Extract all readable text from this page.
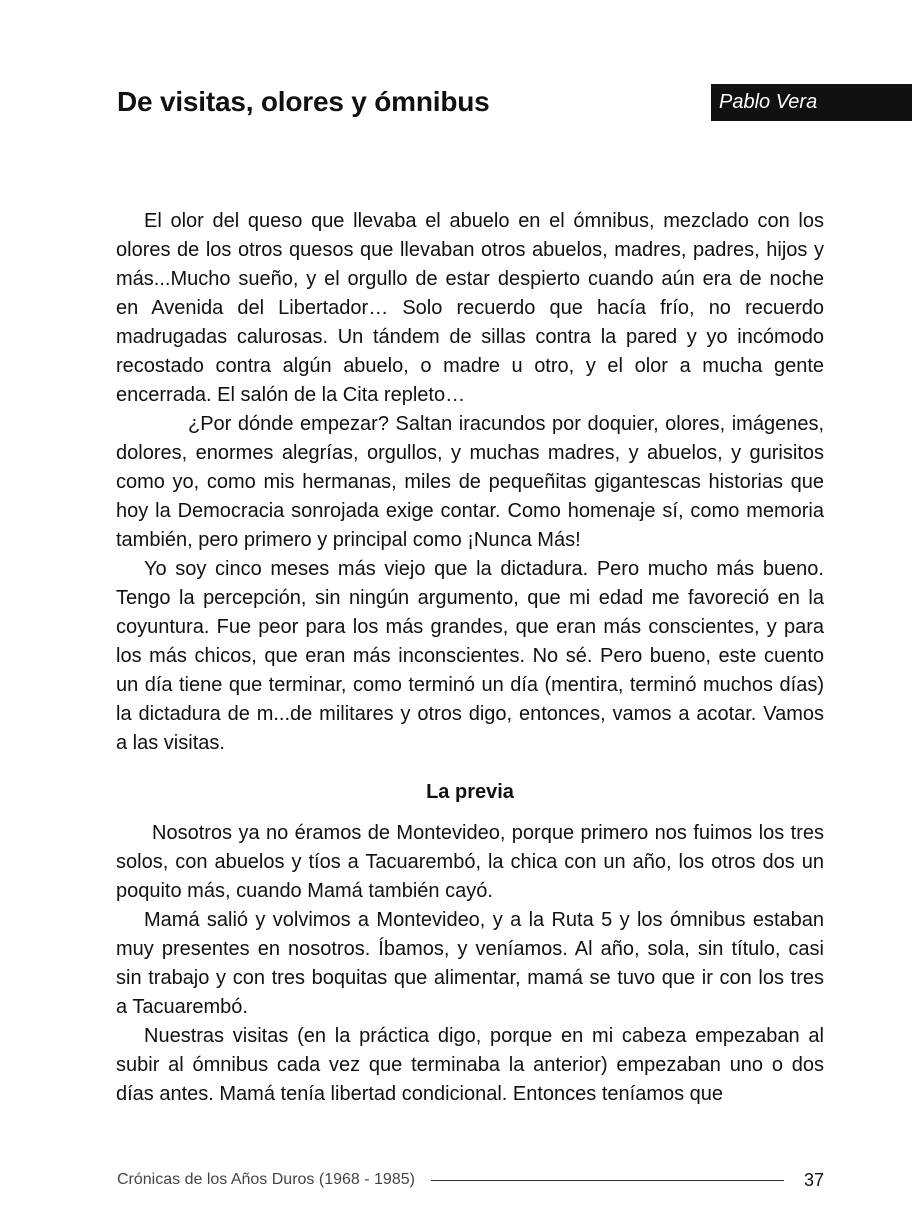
De visitas, olores y ómnibus	Pablo Vera

El olor del queso que llevaba el abuelo en el ómnibus, mezclado con los olores de los otros quesos que llevaban otros abuelos, madres, padres, hijos y más...Mucho sueño, y el orgullo de estar despierto cuando aún era de noche en Avenida del Libertador… Solo recuerdo que hacía frío, no recuerdo madrugadas calurosas. Un tándem de sillas contra la pared y yo incómodo recostado contra algún abuelo, o madre u otro, y el olor a mucha gente encerrada. El salón de la Cita repleto…

¿Por dónde empezar? Saltan iracundos por doquier, olores, imágenes, dolores, enormes alegrías, orgullos, y muchas madres, y abuelos, y gurisitos como yo, como mis hermanas, miles de pequeñitas gigantescas historias que hoy la Democracia sonrojada exige contar. Como homenaje sí, como memoria también, pero primero y principal como ¡Nunca Más!

Yo soy cinco meses más viejo que la dictadura. Pero mucho más bueno. Tengo la percepción, sin ningún argumento, que mi edad me favoreció en la coyuntura. Fue peor para los más grandes, que eran más conscientes, y para los más chicos, que eran más inconscientes. No sé. Pero bueno, este cuento un día tiene que terminar, como terminó un día (mentira, terminó muchos días) la dictadura de m...de militares y otros digo, entonces, vamos a acotar. Vamos a las visitas.

La previa

Nosotros ya no éramos de Montevideo, porque primero nos fuimos los tres solos, con abuelos y tíos a Tacuarembó, la chica con un año, los otros dos un poquito más, cuando Mamá también cayó.

Mamá salió y volvimos a Montevideo, y a la Ruta 5 y los ómnibus estaban muy presentes en nosotros. Íbamos, y veníamos. Al año, sola, sin título, casi sin trabajo y con tres boquitas que alimentar, mamá se tuvo que ir con los tres a Tacuarembó.

Nuestras visitas (en la práctica digo, porque en mi cabeza empezaban al subir al ómnibus cada vez que terminaba la anterior) empezaban uno o dos días antes. Mamá tenía libertad condicional. Entonces teníamos que

Crónicas de los Años Duros (1968 - 1985)	37
